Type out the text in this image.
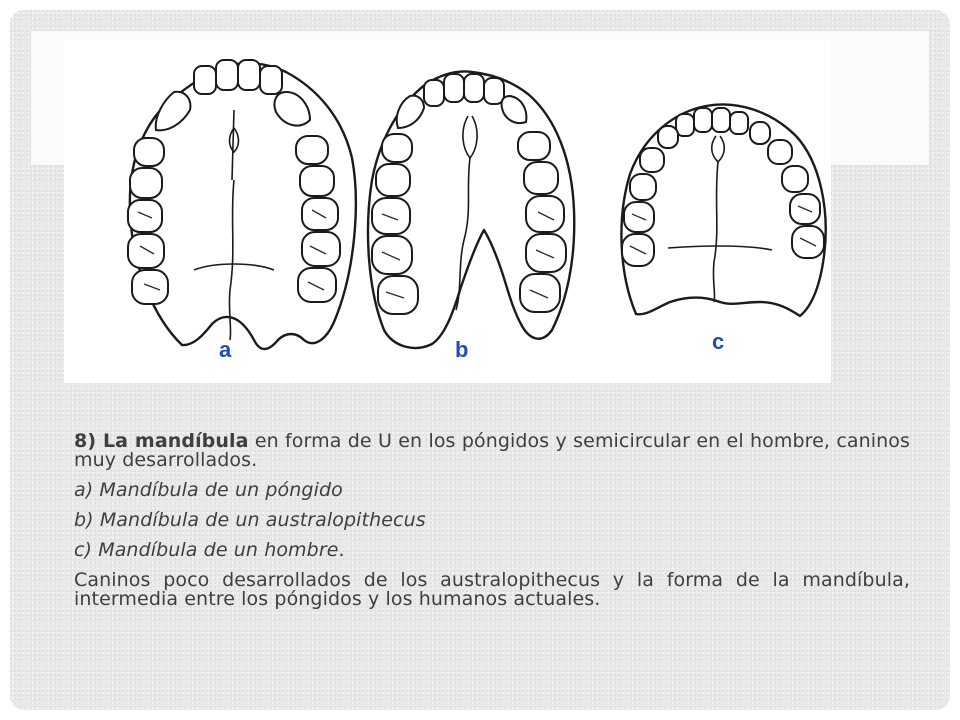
a	b	c

8) La mandíbula en forma de U en los póngidos y semicircular en el hombre, caninos muy desarrollados.

a) Mandíbula de un póngido

b) Mandíbula de un australopithecus

c) Mandíbula de un hombre.

Caninos poco desarrollados de los australopithecus y la forma de la mandíbula, intermedia entre los póngidos y los humanos actuales.
